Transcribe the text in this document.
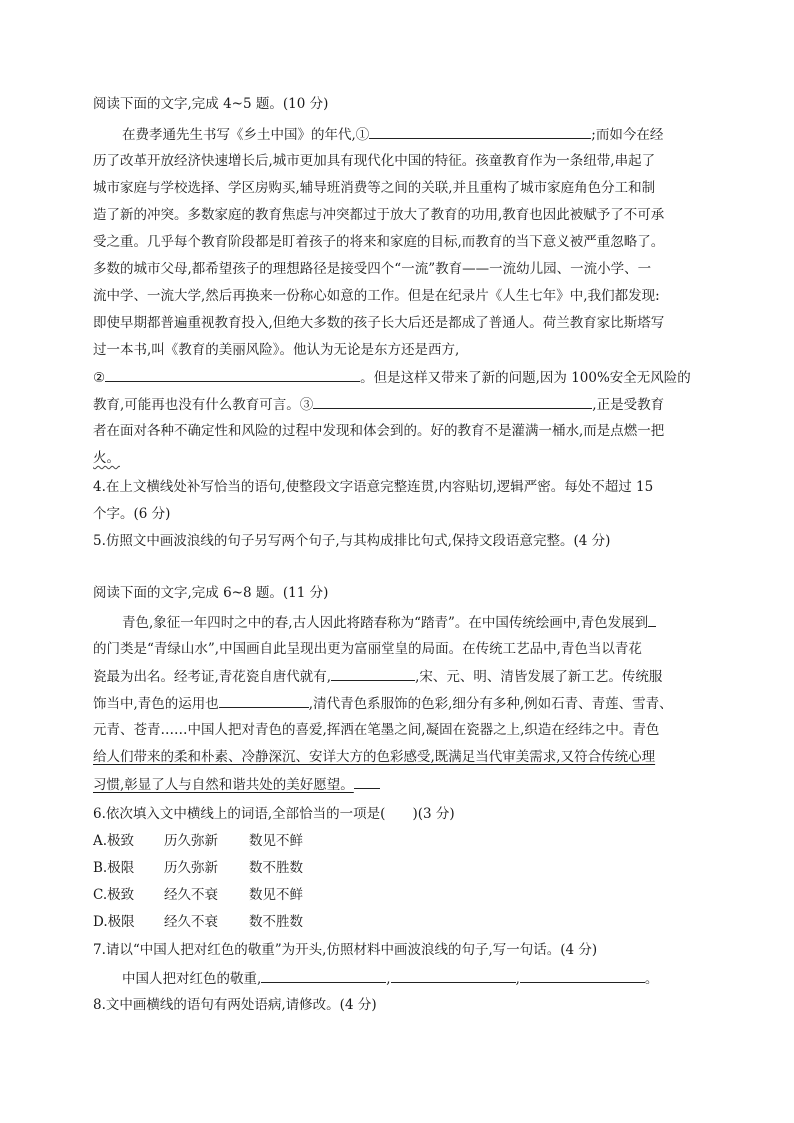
阅读下面的文字,完成 4~5 题。(10 分)
在费孝通先生书写《乡土中国》的年代,①	;而如今在经
历了改革开放经济快速增长后,城市更加具有现代化中国的特征。孩童教育作为一条纽带,串起了
城市家庭与学校选择、学区房购买,辅导班消费等之间的关联,并且重构了城市家庭角色分工和制
造了新的冲突。多数家庭的教育焦虑与冲突都过于放大了教育的功用,教育也因此被赋予了不可承
受之重。几乎每个教育阶段都是盯着孩子的将来和家庭的目标,而教育的当下意义被严重忽略了。
多数的城市父母,都希望孩子的理想路径是接受四个“一流”教育——一流幼儿园、一流小学、一
流中学、一流大学,然后再换来一份称心如意的工作。但是在纪录片《人生七年》中,我们都发现:
即使早期都普遍重视教育投入,但绝大多数的孩子长大后还是都成了普通人。荷兰教育家比斯塔写
过一本书,叫《教育的美丽风险》。他认为无论是东方还是西方,
②	。但是这样又带来了新的问题,因为 100%安全无风险的
教育,可能再也没有什么教育可言。③	,正是受教育
者在面对各种不确定性和风险的过程中发现和体会到的。好的教育不是灌满一桶水,而是点燃一把
火。
4.在上文横线处补写恰当的语句,使整段文字语意完整连贯,内容贴切,逻辑严密。每处不超过 15
个字。(6 分)
5.仿照文中画波浪线的句子另写两个句子,与其构成排比句式,保持文段语意完整。(4 分)
阅读下面的文字,完成 6~8 题。(11 分)
青色,象征一年四时之中的春,古人因此将踏春称为“踏青”。在中国传统绘画中,青色发展到
的门类是“青绿山水”,中国画自此呈现出更为富丽堂皇的局面。在传统工艺品中,青色当以青花
瓷最为出名。经考证,青花瓷自唐代就有,	,宋、元、明、清皆发展了新工艺。传统服
饰当中,青色的运用也	,清代青色系服饰的色彩,细分有多种,例如石青、青莲、雪青、
元青、苍青……中国人把对青色的喜爱,挥洒在笔墨之间,凝固在瓷器之上,织造在经纬之中。青色
给人们带来的柔和朴素、冷静深沉、安详大方的色彩感受,既满足当代审美需求,又符合传统心理
习惯,彰显了人与自然和谐共处的美好愿望。
6.依次填入文中横线上的词语,全部恰当的一项是(　　)(3 分)
A.极致 历久弥新 数见不鲜
B.极限 历久弥新 数不胜数
C.极致 经久不衰 数见不鲜
D.极限 经久不衰 数不胜数
7.请以“中国人把对红色的敬重”为开头,仿照材料中画波浪线的句子,写一句话。(4 分)
中国人把对红色的敬重,	,	,	。
8.文中画横线的语句有两处语病,请修改。(4 分)
